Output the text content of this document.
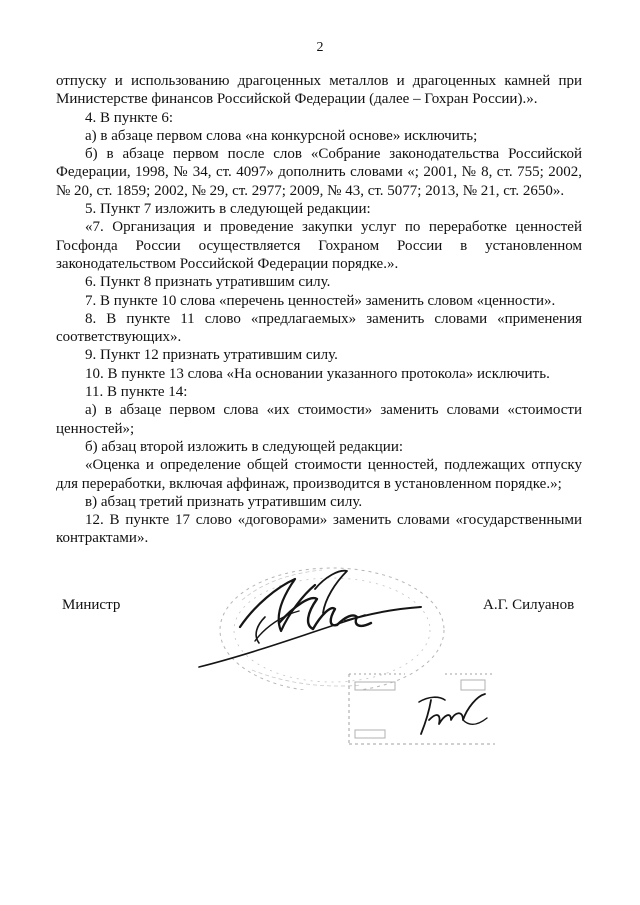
2

отпуску и использованию драгоценных металлов и драгоценных камней при Министерстве финансов Российской Федерации (далее – Гохран России).».

4. В пункте 6:

а) в абзаце первом слова «на конкурсной основе» исключить;

б) в абзаце первом после слов «Собрание законодательства Российской Федерации, 1998, № 34, ст. 4097» дополнить словами «; 2001, № 8, ст. 755; 2002, № 20, ст. 1859; 2002, № 29, ст. 2977; 2009, № 43, ст. 5077; 2013, № 21, ст. 2650».

5. Пункт 7 изложить в следующей редакции:

«7. Организация и проведение закупки услуг по переработке ценностей Госфонда России осуществляется Гохраном России в установленном законодательством Российской Федерации порядке.».

6. Пункт 8 признать утратившим силу.

7. В пункте 10 слова «перечень ценностей» заменить словом «ценности».

8. В пункте 11 слово «предлагаемых» заменить словами «применения соответствующих».

9. Пункт 12 признать утратившим силу.

10. В пункте 13 слова «На основании указанного протокола» исключить.

11. В пункте 14:

а) в абзаце первом слова «их стоимости» заменить словами «стоимости ценностей»;

б) абзац второй изложить в следующей редакции:

«Оценка и определение общей стоимости ценностей, подлежащих отпуску для переработки, включая аффинаж, производится в установленном порядке.»;

в) абзац третий признать утратившим силу.

12. В пункте 17 слово «договорами» заменить словами «государственными контрактами».

Министр	А.Г. Силуанов
